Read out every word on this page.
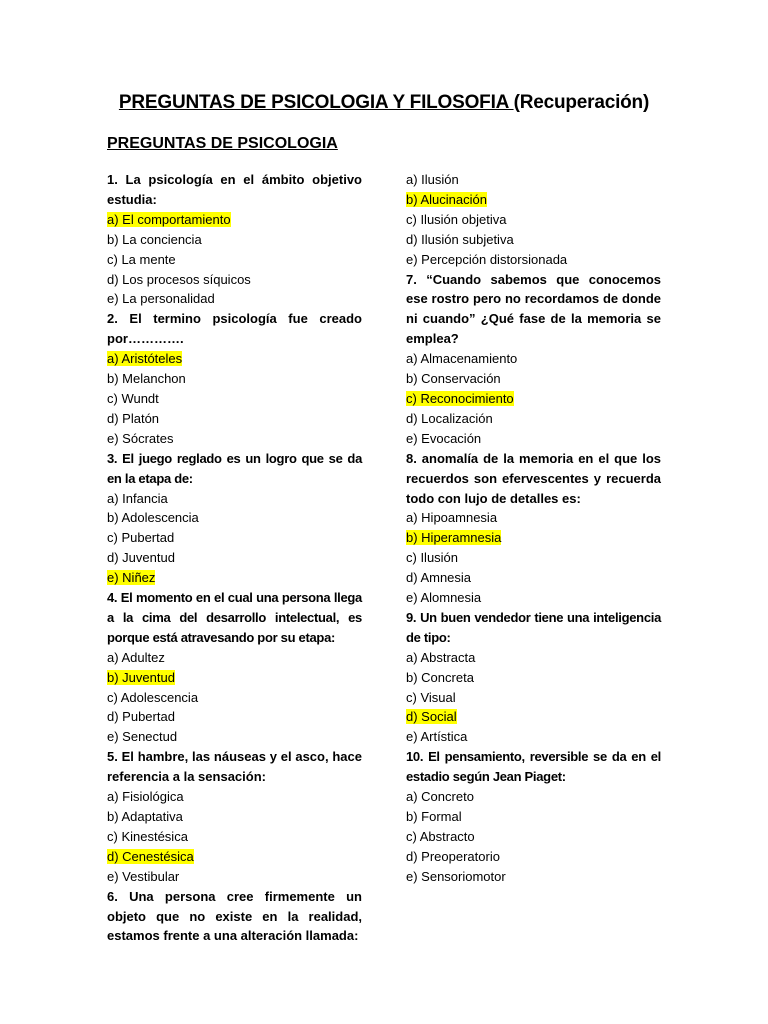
PREGUNTAS DE PSICOLOGIA Y FILOSOFIA (Recuperación)
PREGUNTAS DE PSICOLOGIA
1. La psicología en el ámbito objetivo estudia:
a) El comportamiento
b) La conciencia
c) La mente
d) Los procesos síquicos
e) La personalidad
2. El termino psicología fue creado por………….
a) Aristóteles
b) Melanchon
c) Wundt
d) Platón
e) Sócrates
3. El juego reglado es un logro que se da en la etapa de:
a) Infancia
b) Adolescencia
c) Pubertad
d) Juventud
e) Niñez
4. El momento en el cual una persona llega a la cima del desarrollo intelectual, es porque está atravesando por su etapa:
a) Adultez
b) Juventud
c) Adolescencia
d) Pubertad
e) Senectud
5. El hambre, las náuseas y el asco, hace referencia a la sensación:
a) Fisiológica
b) Adaptativa
c) Kinestésica
d) Cenestésica
e) Vestibular
6. Una persona cree firmemente un objeto que no existe en la realidad, estamos frente a una alteración llamada:
a) Ilusión
b) Alucinación
c) Ilusión objetiva
d) Ilusión subjetiva
e) Percepción distorsionada
7. “Cuando sabemos que conocemos ese rostro pero no recordamos de donde ni cuando” ¿Qué fase de la memoria se emplea?
a) Almacenamiento
b) Conservación
c) Reconocimiento
d) Localización
e) Evocación
8. anomalía de la memoria en el que los recuerdos son efervescentes y recuerda todo con lujo de detalles es:
a) Hipoamnesia
b) Hiperamnesia
c) Ilusión
d) Amnesia
e) Alomnesia
9. Un buen vendedor tiene una inteligencia de tipo:
a) Abstracta
b) Concreta
c) Visual
d) Social
e) Artística
10. El pensamiento, reversible se da en el estadio según Jean Piaget:
a) Concreto
b) Formal
c) Abstracto
d) Preoperatorio
e) Sensoriomotor
